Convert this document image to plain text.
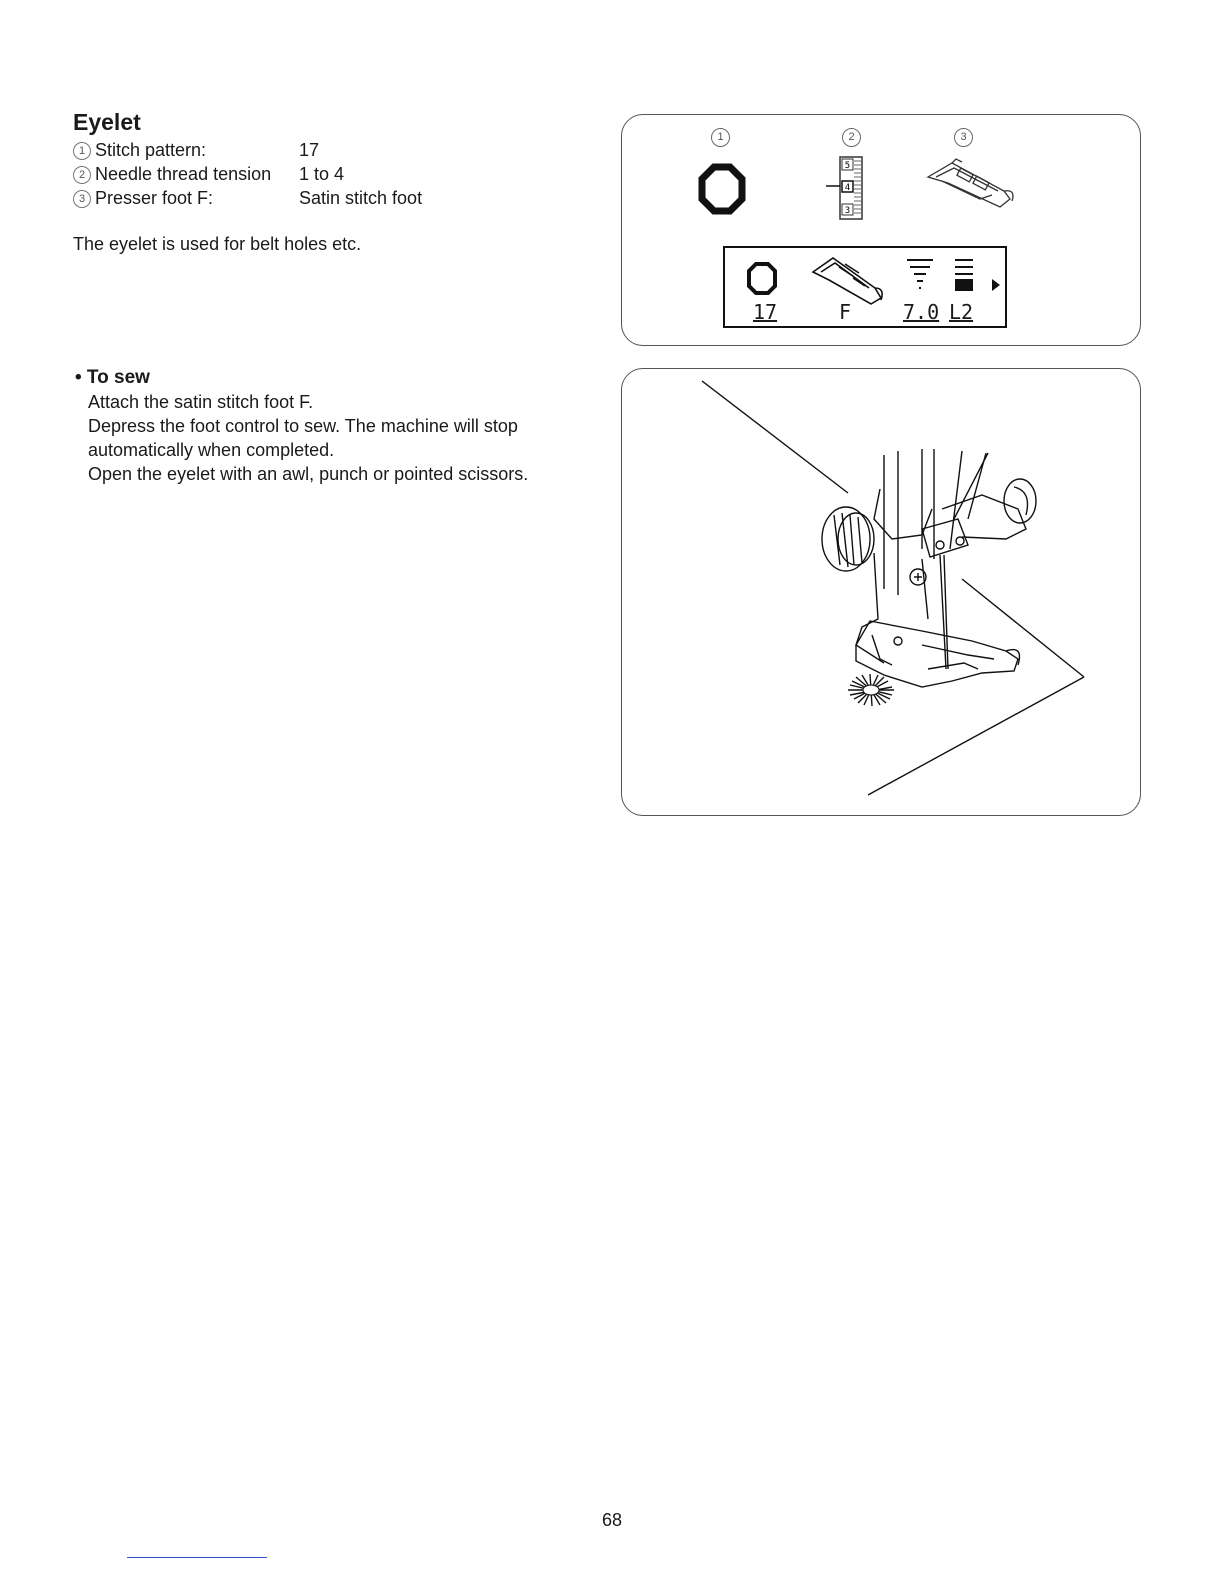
Eyelet
1 Stitch pattern:	17
2 Needle thread tension 1 to 4
3 Presser foot F:	Satin stitch foot

The eyelet is used for belt holes etc.

• To sew

Attach the satin stitch foot F.

Depress the foot control to sew. The machine will stop

automatically when completed.

Open the eyelet with an awl, punch or pointed scissors.

1	2	3
5
4
3
17	F	7.0 L2
68
